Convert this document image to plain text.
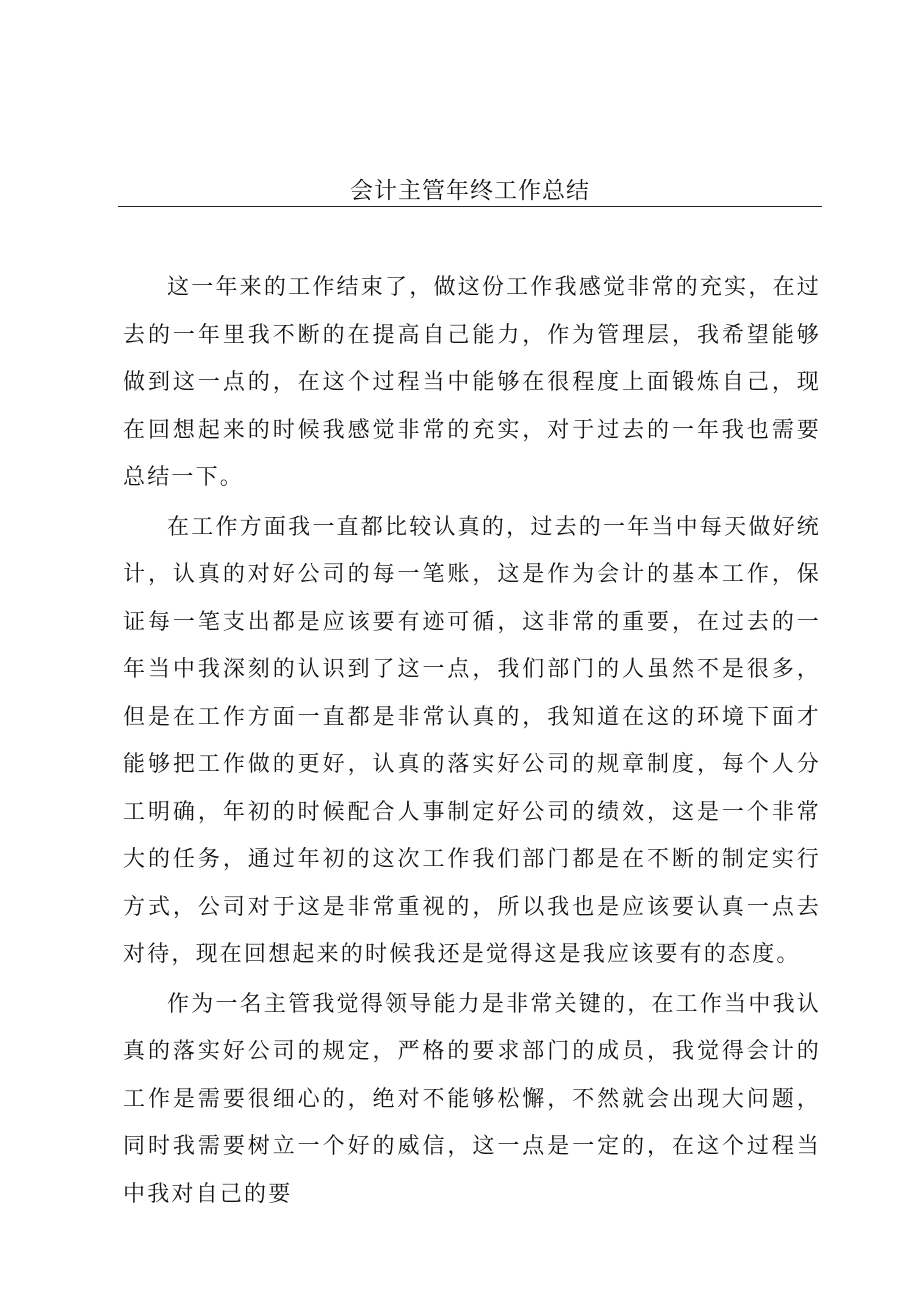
会计主管年终工作总结

这一年来的工作结束了，做这份工作我感觉非常的充实，在过去的一年里我不断的在提高自己能力，作为管理层，我希望能够做到这一点的，在这个过程当中能够在很程度上面锻炼自己，现在回想起来的时候我感觉非常的充实，对于过去的一年我也需要总结一下。

在工作方面我一直都比较认真的，过去的一年当中每天做好统计，认真的对好公司的每一笔账，这是作为会计的基本工作，保证每一笔支出都是应该要有迹可循，这非常的重要，在过去的一年当中我深刻的认识到了这一点，我们部门的人虽然不是很多，但是在工作方面一直都是非常认真的，我知道在这的环境下面才能够把工作做的更好，认真的落实好公司的规章制度，每个人分工明确，年初的时候配合人事制定好公司的绩效，这是一个非常大的任务，通过年初的这次工作我们部门都是在不断的制定实行方式，公司对于这是非常重视的，所以我也是应该要认真一点去对待，现在回想起来的时候我还是觉得这是我应该要有的态度。

作为一名主管我觉得领导能力是非常关键的，在工作当中我认真的落实好公司的规定，严格的要求部门的成员，我觉得会计的工作是需要很细心的，绝对不能够松懈，不然就会出现大问题，同时我需要树立一个好的威信，这一点是一定的，在这个过程当中我对自己的要
